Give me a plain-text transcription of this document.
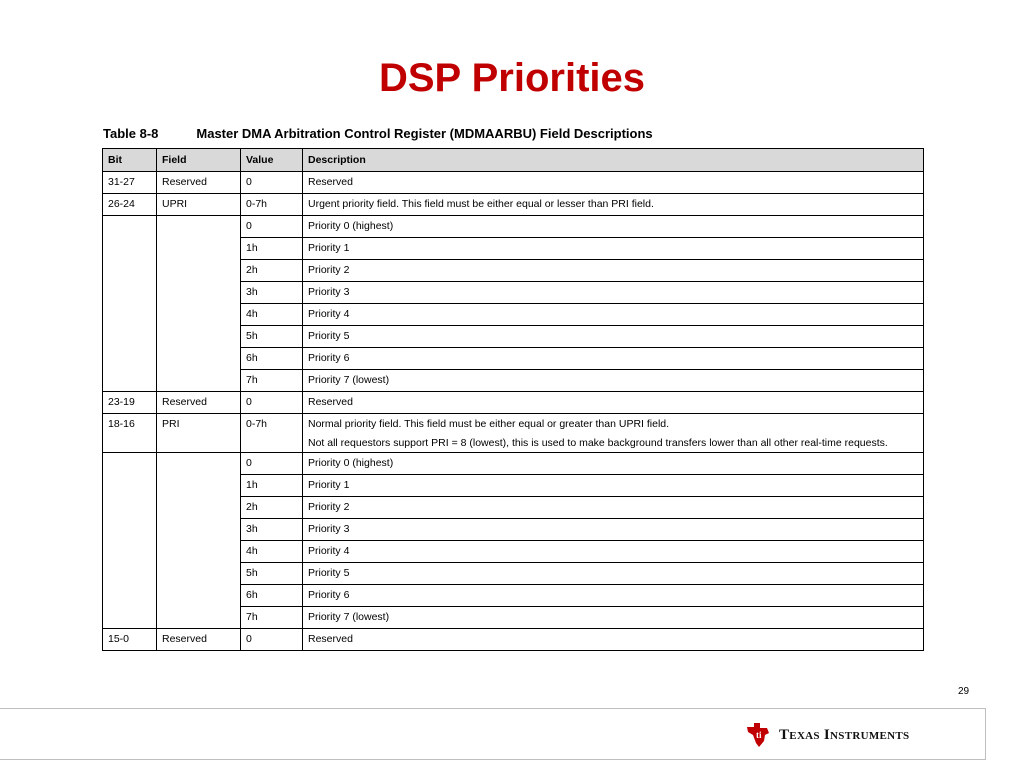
DSP Priorities
Table 8-8	Master DMA Arbitration Control Register (MDMAARBU) Field Descriptions
Bit	Field	Value	Description
31-27	Reserved	0	Reserved
26-24	UPRI	0-7h	Urgent priority field. This field must be either equal or lesser than PRI field.
		0	Priority 0 (highest)
		1h	Priority 1
		2h	Priority 2
		3h	Priority 3
		4h	Priority 4
		5h	Priority 5
		6h	Priority 6
		7h	Priority 7 (lowest)
23-19	Reserved	0	Reserved
18-16	PRI	0-7h	Normal priority field. This field must be either equal or greater than UPRI field.
Not all requestors support PRI = 8 (lowest), this is used to make background transfers lower than all other real-time requests.

		0	Priority 0 (highest)
		1h	Priority 1
		2h	Priority 2
		3h	Priority 3
		4h	Priority 4
		5h	Priority 5
		6h	Priority 6
		7h	Priority 7 (lowest)
15-0	Reserved	0	Reserved
29
ti Texas Instruments
